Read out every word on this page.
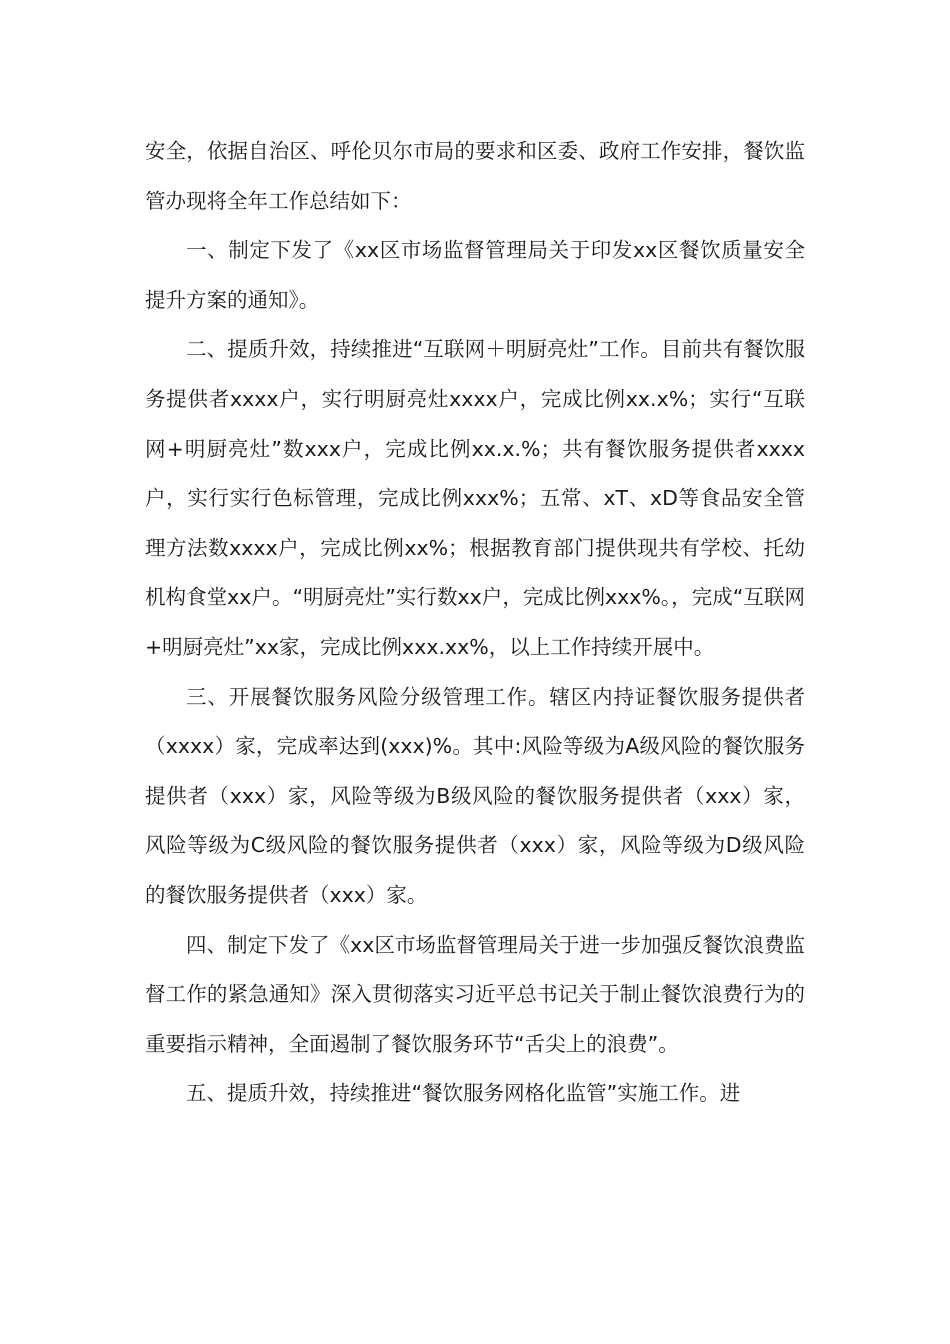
安全，依据自治区、呼伦贝尔市局的要求和区委、政府工作安排，餐饮监管办现将全年工作总结如下：

一、制定下发了《xx区市场监督管理局关于印发xx区餐饮质量安全提升方案的通知》。

二、提质升效，持续推进“互联网＋明厨亮灶”工作。目前共有餐饮服务提供者xxxx户，实行明厨亮灶xxxx户，完成比例xx.x%；实行“互联网+明厨亮灶”数xxx户，完成比例xx.x.%；共有餐饮服务提供者xxxx户，实行实行色标管理，完成比例xxx%；五常、xT、xD等食品安全管理方法数xxxx户，完成比例xx%；根据教育部门提供现共有学校、托幼机构食堂xx户。“明厨亮灶”实行数xx户，完成比例xxx%。，完成“互联网+明厨亮灶”xx家，完成比例xxx.xx%，以上工作持续开展中。

三、开展餐饮服务风险分级管理工作。辖区内持证餐饮服务提供者（xxxx）家，完成率达到(xxx)%。其中:风险等级为A级风险的餐饮服务提供者（xxx）家，风险等级为B级风险的餐饮服务提供者（xxx）家，风险等级为C级风险的餐饮服务提供者（xxx）家，风险等级为D级风险的餐饮服务提供者（xxx）家。

四、制定下发了《xx区市场监督管理局关于进一步加强反餐饮浪费监督工作的紧急通知》深入贯彻落实习近平总书记关于制止餐饮浪费行为的重要指示精神，全面遏制了餐饮服务环节“舌尖上的浪费”。

五、提质升效，持续推进“餐饮服务网格化监管”实施工作。进
